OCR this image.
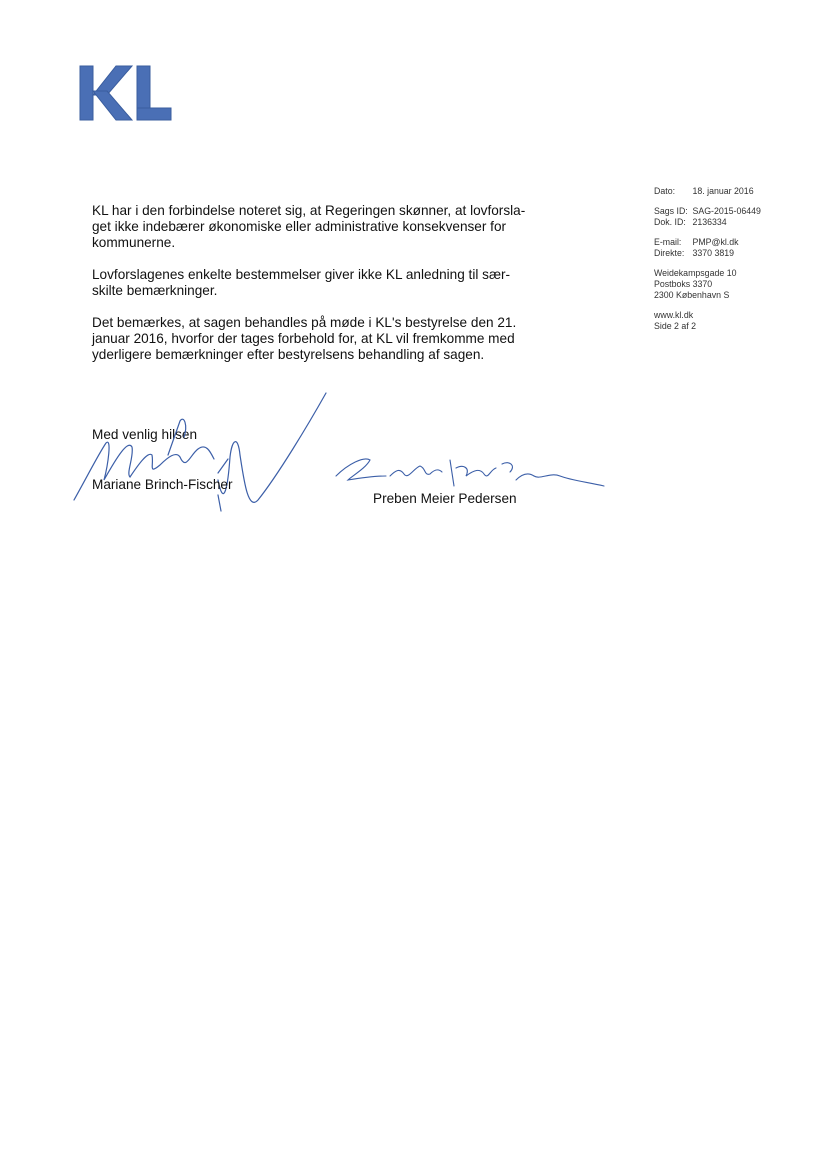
KL har i den forbindelse noteret sig, at Regeringen skønner, at lovforsla-
get ikke indebærer økonomiske eller administrative konsekvenser for
kommunerne.

Lovforslagenes enkelte bestemmelser giver ikke KL anledning til sær-
skilte bemærkninger.

Det bemærkes, at sagen behandles på møde i KL's bestyrelse den 21.
januar 2016, hvorfor der tages forbehold for, at KL vil fremkomme med
yderligere bemærkninger efter bestyrelsens behandling af sagen.

Dato: 18. januar 2016
Sags ID: SAG-2015-06449
Dok. ID: 2136334
E-mail: PMP@kl.dk
Direkte: 3370 3819
Weidekampsgade 10
Postboks 3370
2300 København S
www.kl.dk
Side 2 af 2
Med venlig hilsen
Mariane Brinch-Fischer
Preben Meier Pedersen
